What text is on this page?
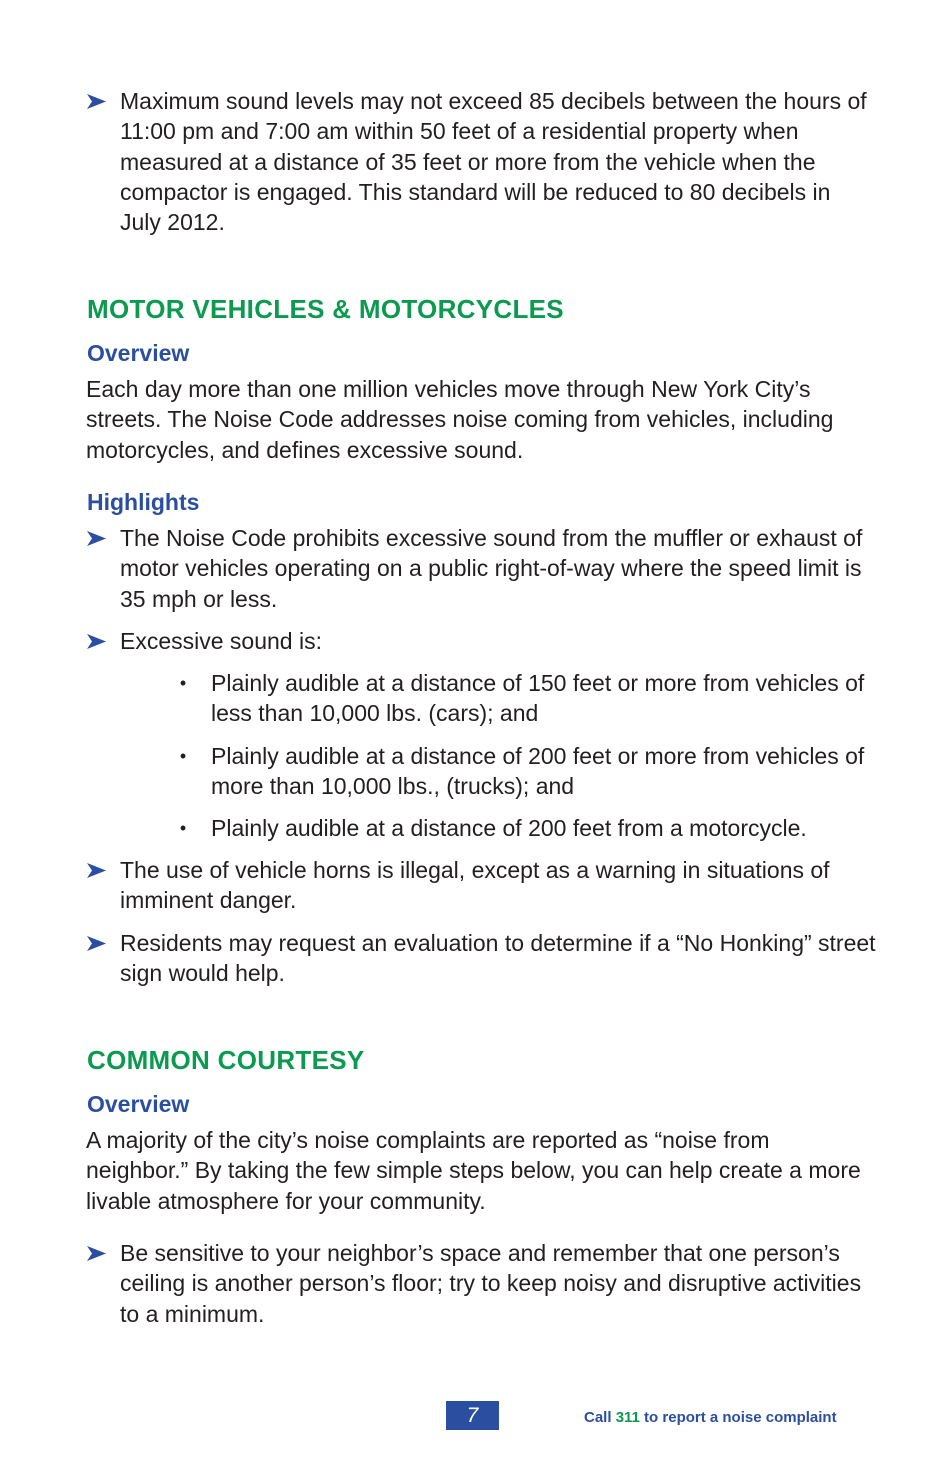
Maximum sound levels may not exceed 85 decibels between the hours of 11:00 pm and 7:00 am within 50 feet of a residential property when measured at a distance of 35 feet or more from the vehicle when the compactor is engaged. This standard will be reduced to 80 decibels in July 2012.
MOTOR VEHICLES & MOTORCYCLES
Overview
Each day more than one million vehicles move through New York City’s streets. The Noise Code addresses noise coming from vehicles, including motorcycles, and defines excessive sound.
Highlights
The Noise Code prohibits excessive sound from the muffler or exhaust of motor vehicles operating on a public right-of-way where the speed limit is 35 mph or less.
Excessive sound is:
• Plainly audible at a distance of 150 feet or more from vehicles of less than 10,000 lbs. (cars); and
• Plainly audible at a distance of 200 feet or more from vehicles of more than 10,000 lbs., (trucks); and
• Plainly audible at a distance of 200 feet from a motorcycle.
The use of vehicle horns is illegal, except as a warning in situations of imminent danger.
Residents may request an evaluation to determine if a “No Honking” street sign would help.
COMMON COURTESY
Overview
A majority of the city’s noise complaints are reported as “noise from neighbor.” By taking the few simple steps below, you can help create a more livable atmosphere for your community.
Be sensitive to your neighbor’s space and remember that one person’s ceiling is another person’s floor; try to keep noisy and disruptive activities to a minimum.
7	Call 311 to report a noise complaint
